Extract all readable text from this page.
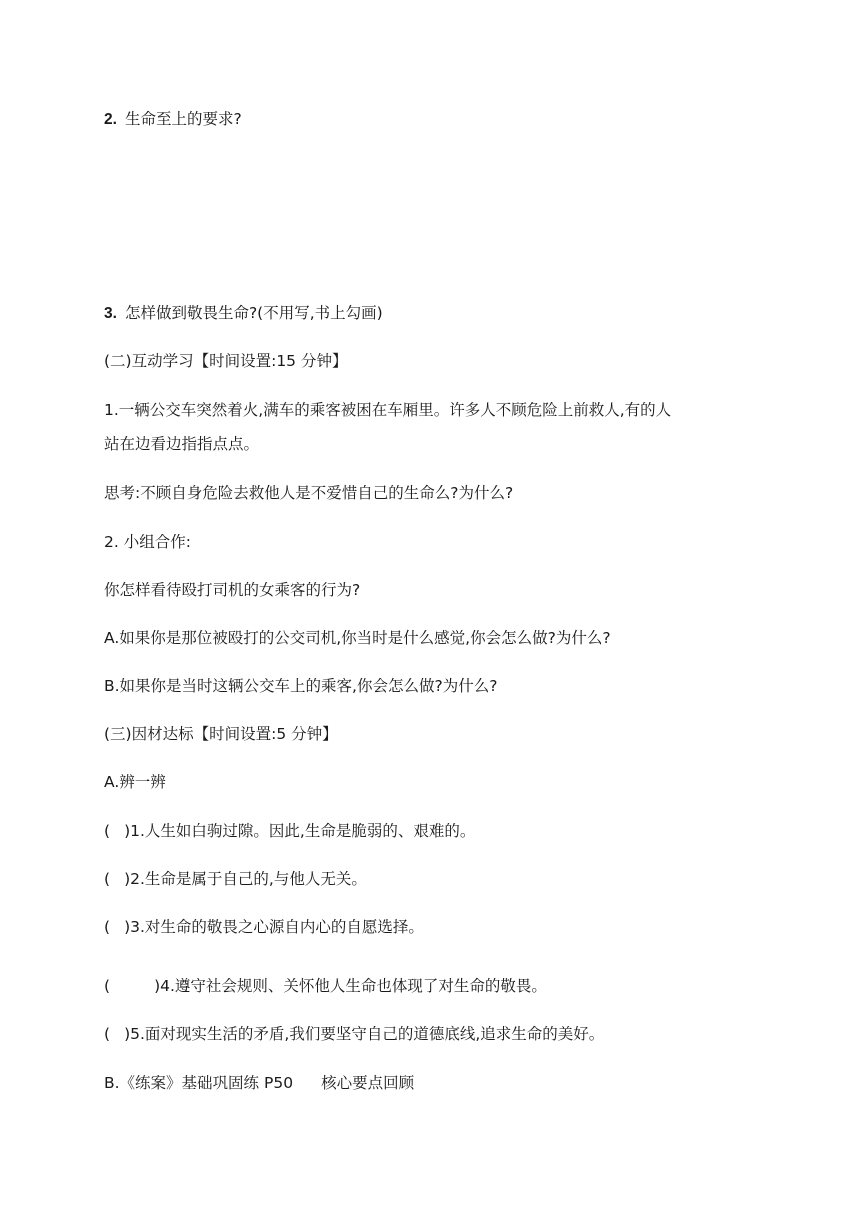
2. 生命至上的要求?
3. 怎样做到敬畏生命?(不用写,书上勾画)
(二)互动学习【时间设置:15 分钟】
1.一辆公交车突然着火,满车的乘客被困在车厢里。许多人不顾危险上前救人,有的人
站在边看边指指点点。
思考:不顾自身危险去救他人是不爱惜自己的生命么?为什么?
2. 小组合作:
你怎样看待殴打司机的女乘客的行为?
A.如果你是那位被殴打的公交司机,你当时是什么感觉,你会怎么做?为什么?
B.如果你是当时这辆公交车上的乘客,你会怎么做?为什么?
(三)因材达标【时间设置:5 分钟】
A.辨一辨
( )1.人生如白驹过隙。因此,生命是脆弱的、艰难的。
( )2.生命是属于自己的,与他人无关。
( )3.对生命的敬畏之心源自内心的自愿选择。
(	)4.遵守社会规则、关怀他人生命也体现了对生命的敬畏。
( )5.面对现实生活的矛盾,我们要坚守自己的道德底线,追求生命的美好。
B.《练案》基础巩固练 P50 核心要点回顾
